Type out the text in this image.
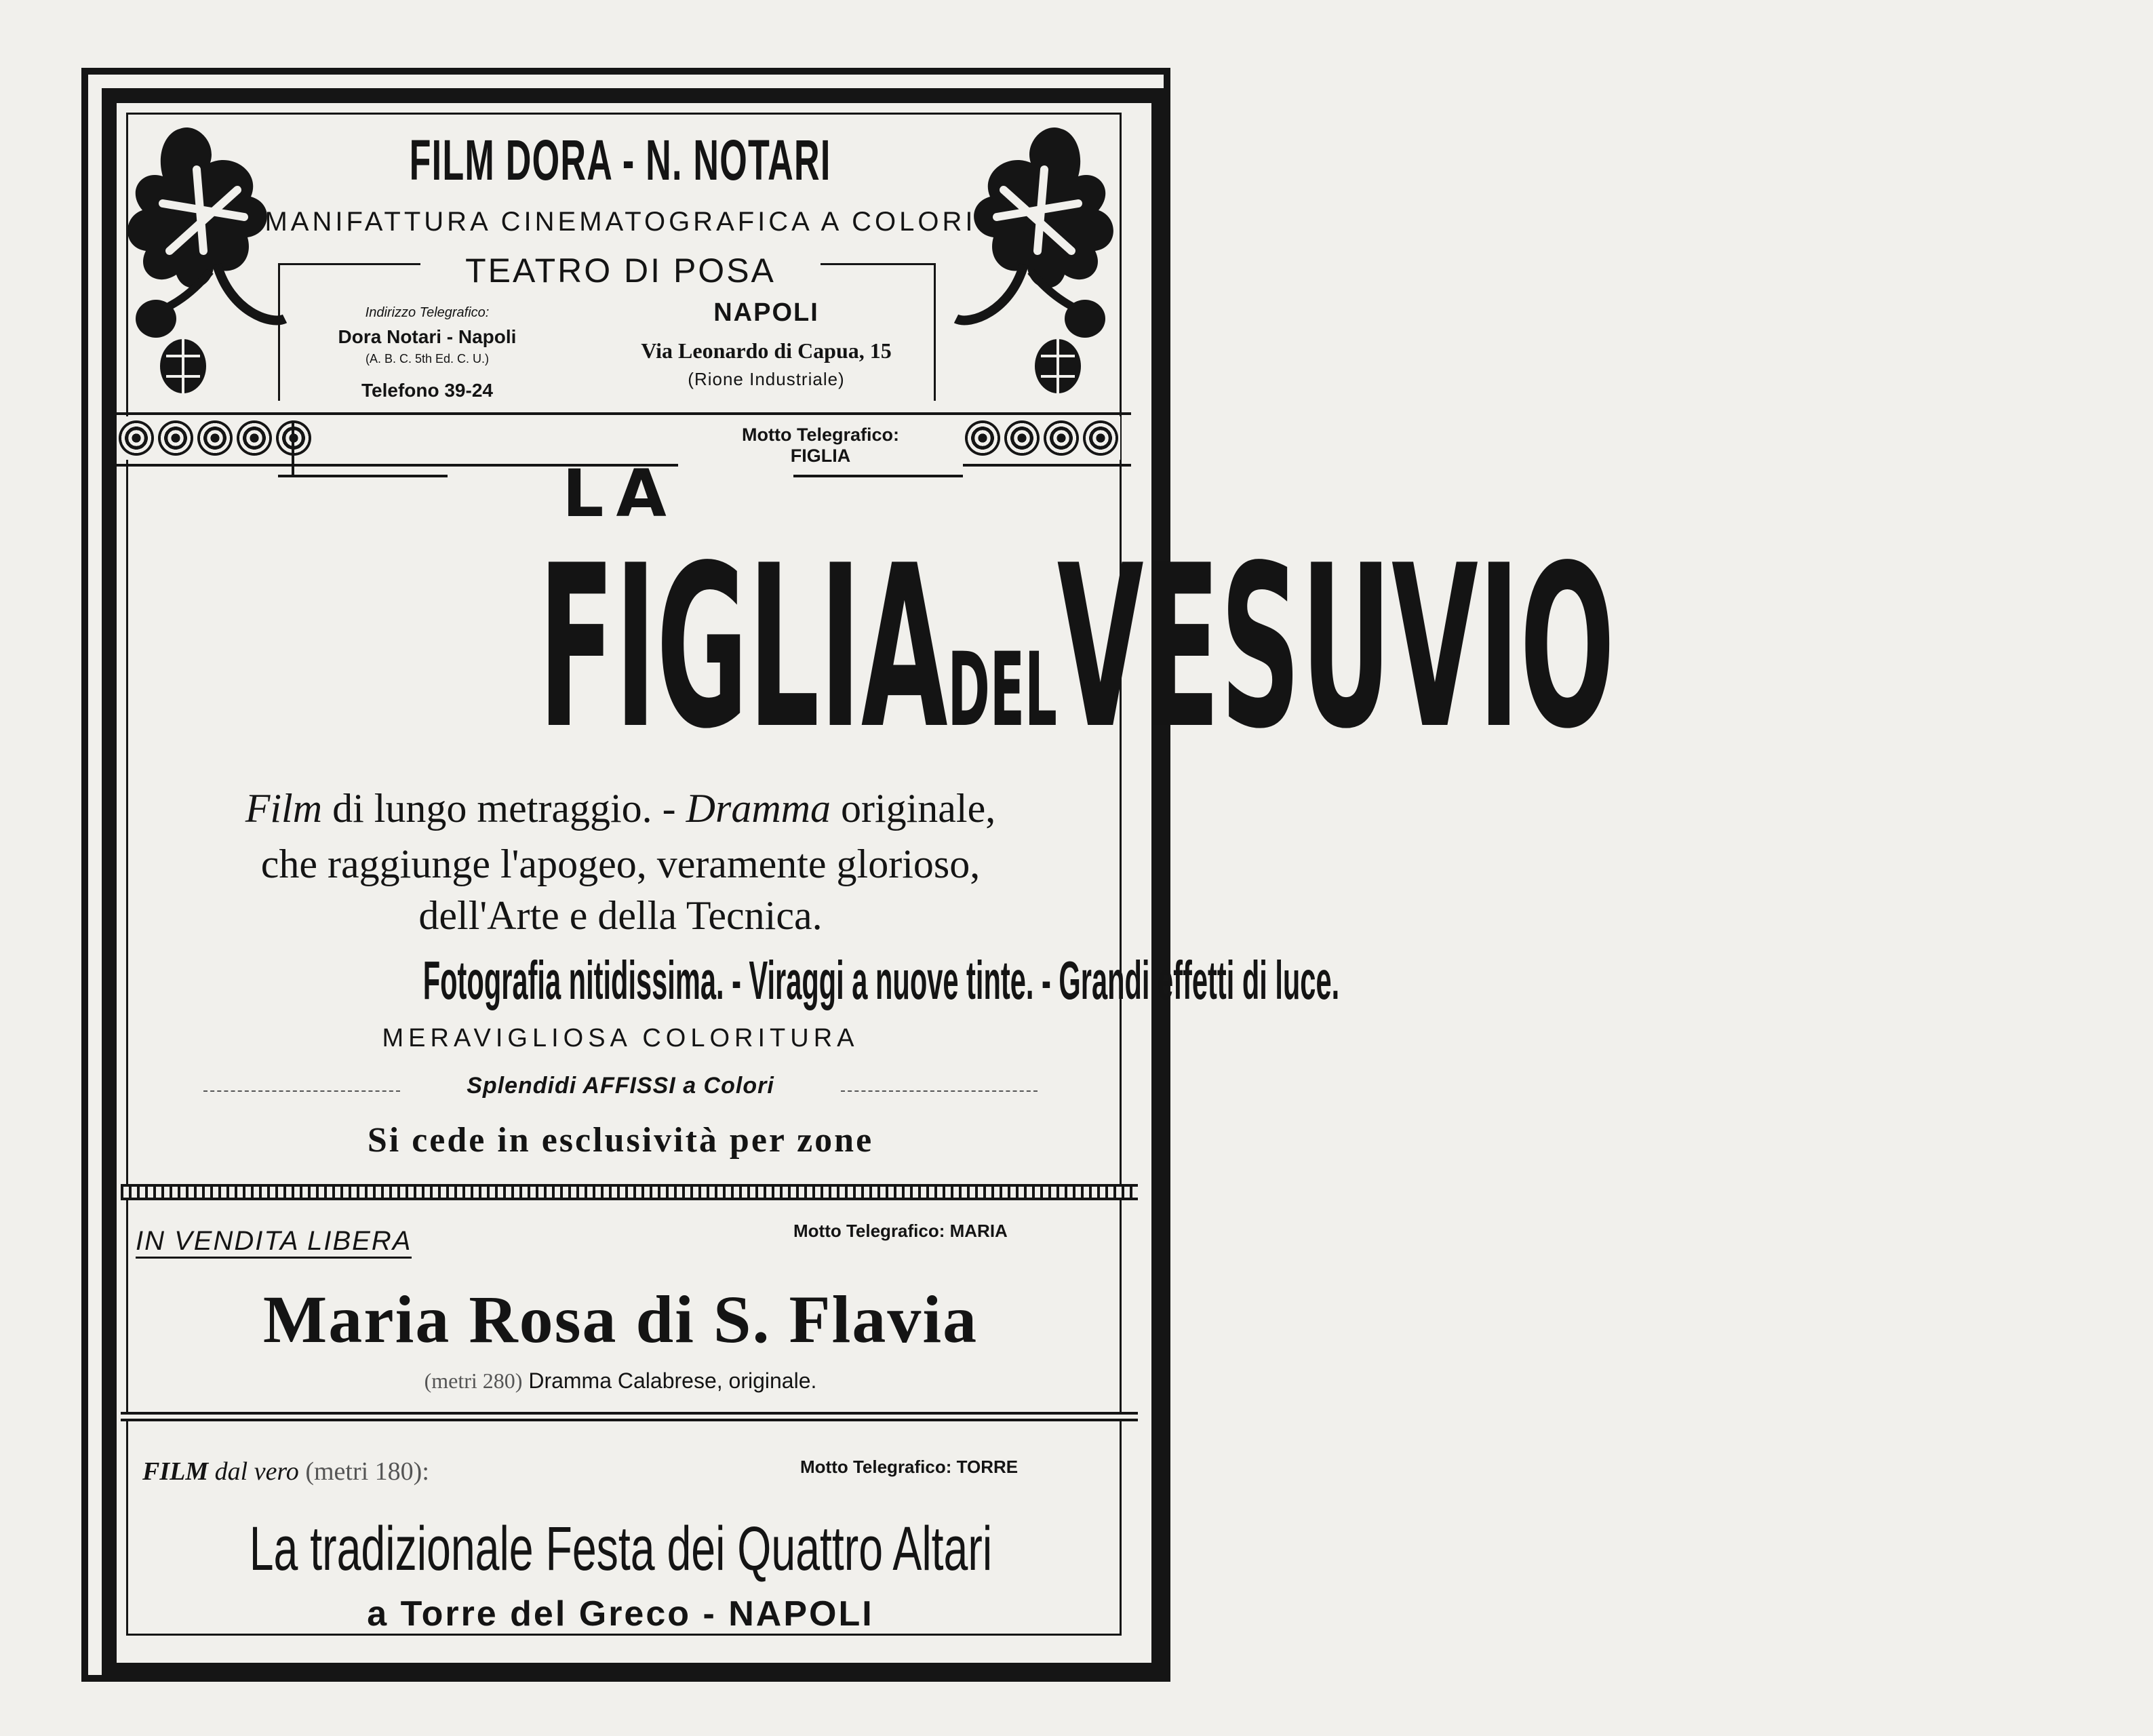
FILM DORA - N. NOTARI
MANIFATTURA CINEMATOGRAFICA A COLORI
TEATRO DI POSA
Indirizzo Telegrafico:
Dora Notari - Napoli
(A. B. C. 5th Ed. C. U.)
Telefono 39-24
NAPOLI
Via Leonardo di Capua, 15
(Rione Industriale)
Motto Telegrafico:
FIGLIA
LA
FIGLIADELVESUVIO
Film di lungo metraggio. - Dramma originale,
che raggiunge l'apogeo, veramente glorioso,
dell'Arte e della Tecnica.
Fotografia nitidissima. - Viraggi a nuove tinte. - Grandi effetti di luce.
MERAVIGLIOSA COLORITURA
Splendidi AFFISSI a Colori
Si cede in esclusività per zone
IN VENDITA LIBERA	Motto Telegrafico: MARIA
Maria Rosa di S. Flavia
(metri 280) Dramma Calabrese, originale.
FILM dal vero (metri 180):	Motto Telegrafico: TORRE
La tradizionale Festa dei Quattro Altari
a Torre del Greco - NAPOLI
